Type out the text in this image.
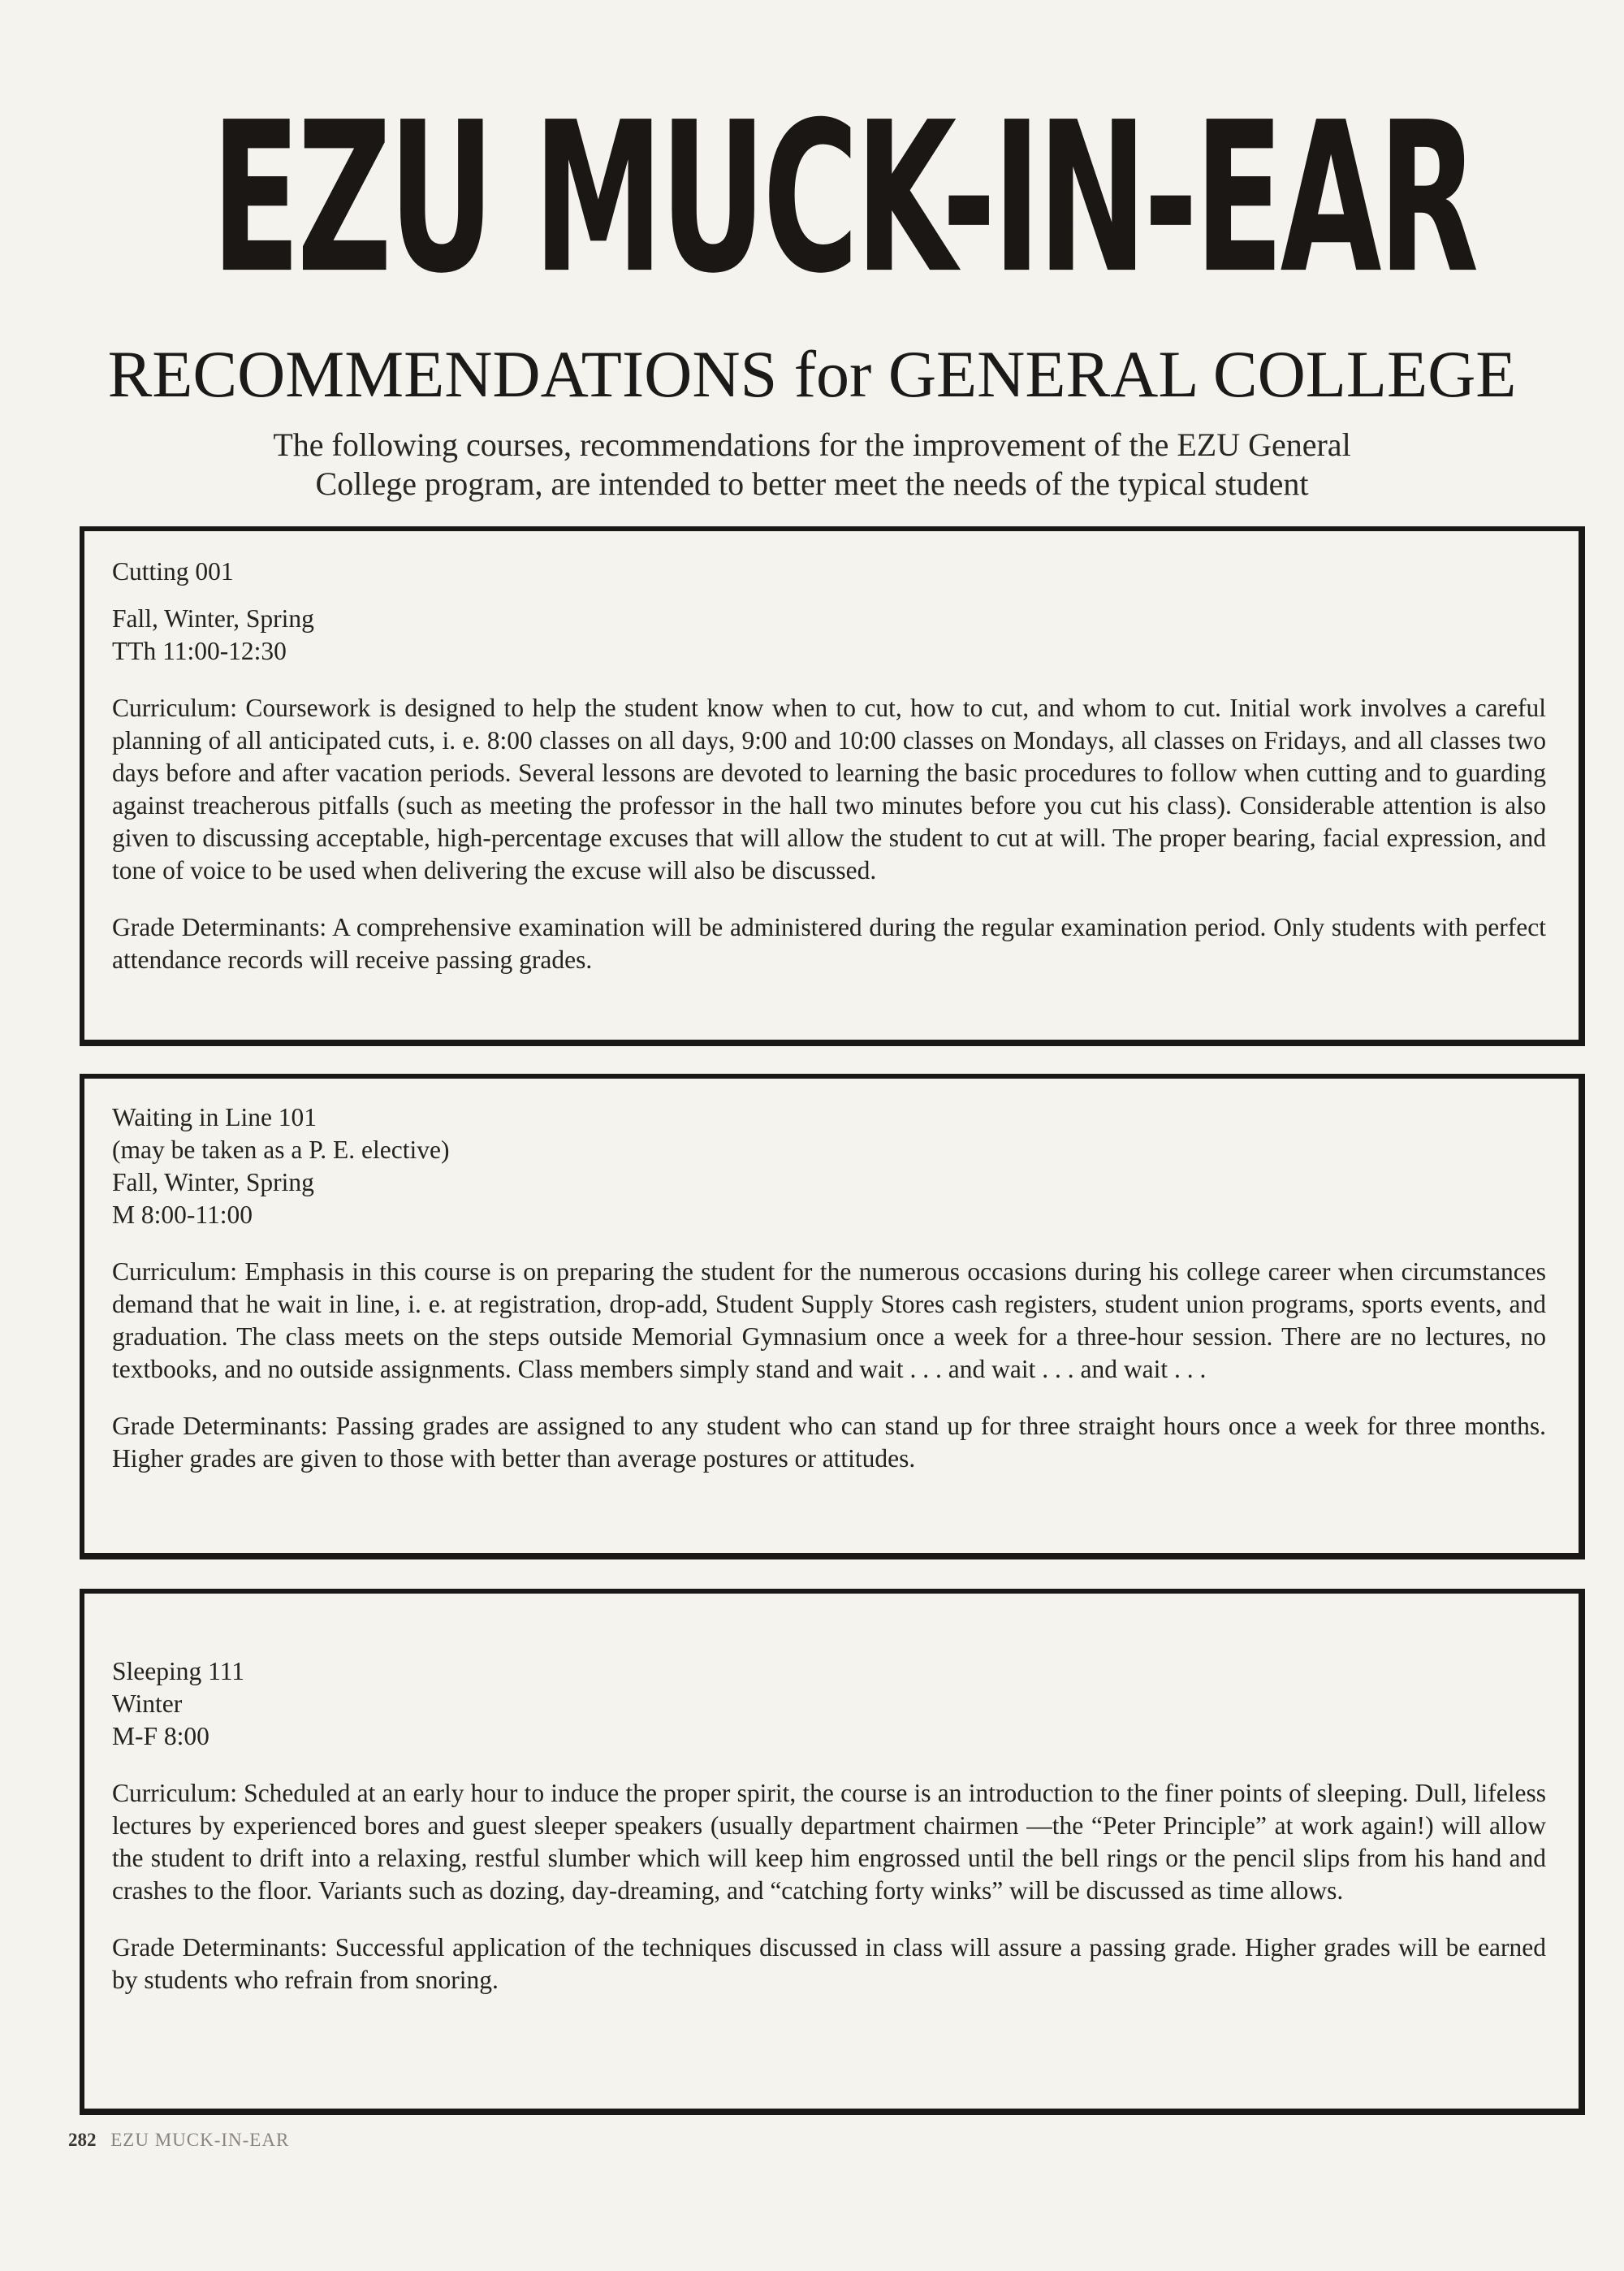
EZU MUCK-IN-EAR
RECOMMENDATIONS for GENERAL COLLEGE
The following courses, recommendations for the improvement of the EZU General
College program, are intended to better meet the needs of the typical student
Cutting 001
Fall, Winter, Spring
TTh 11:00-12:30

Curriculum: Coursework is designed to help the student know when to cut, how to cut, and whom to cut. Initial work involves a careful planning of all anticipated cuts, i. e. 8:00 classes on all days, 9:00 and 10:00 classes on Mondays, all classes on Fridays, and all classes two days before and after vacation periods. Several lessons are devoted to learning the basic procedures to follow when cutting and to guarding against treacherous pitfalls (such as meeting the professor in the hall two minutes before you cut his class). Considerable attention is also given to discussing acceptable, high-percentage excuses that will allow the student to cut at will. The proper bearing, facial expression, and tone of voice to be used when delivering the excuse will also be discussed.

Grade Determinants: A comprehensive examination will be administered during the regular examination period. Only students with perfect attendance records will receive passing grades.

Waiting in Line 101
(may be taken as a P. E. elective)
Fall, Winter, Spring
M 8:00-11:00

Curriculum: Emphasis in this course is on preparing the student for the numerous occasions during his college career when circumstances demand that he wait in line, i. e. at registration, drop-add, Student Supply Stores cash registers, student union programs, sports events, and graduation. The class meets on the steps outside Memorial Gymnasium once a week for a three-hour session. There are no lectures, no textbooks, and no outside assignments. Class members simply stand and wait . . . and wait . . . and wait . . .

Grade Determinants: Passing grades are assigned to any student who can stand up for three straight hours once a week for three months. Higher grades are given to those with better than average postures or attitudes.

Sleeping 111
Winter
M-F 8:00

Curriculum: Scheduled at an early hour to induce the proper spirit, the course is an introduction to the finer points of sleeping. Dull, lifeless lectures by experienced bores and guest sleeper speakers (usually department chairmen —the “Peter Principle” at work again!) will allow the student to drift into a relaxing, restful slumber which will keep him engrossed until the bell rings or the pencil slips from his hand and crashes to the floor. Variants such as dozing, day-dreaming, and “catching forty winks” will be discussed as time allows.

Grade Determinants: Successful application of the techniques discussed in class will assure a passing grade. Higher grades will be earned by students who refrain from snoring.

282 EZU MUCK-IN-EAR
